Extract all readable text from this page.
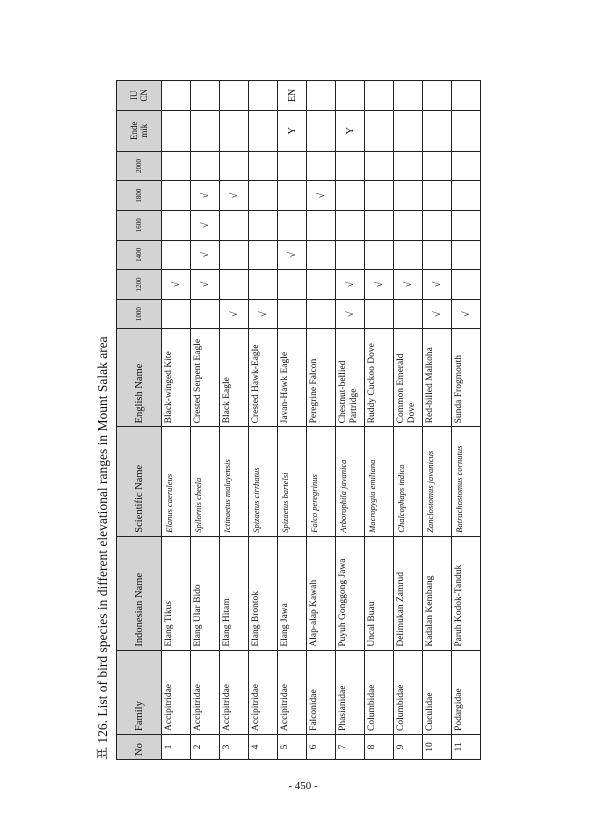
표 126. List of bird species in different elevational ranges in Mount Salak area	No	Family	Indonesian Name	Scientific Name	English Name	1000	1200	1400	1600	1800	2000	Ende mik	IU CN
1	Accipitridae	Elang Tikus	Elanus caeruleus	Black-winged Kite		√						
2	Accipitridae	Elang Ular Bido	Spilornis cheela	Crested Serpent Eagle		√	√	√	√			
3	Accipitridae	Elang Hitam	Ictinaetus malayensis	Black Eagle	√				√			
4	Accipitridae	Elang Brontok	Spizaetus cirrhatus	Crested Hawk-Eagle	√							
5	Accipitridae	Elang Jawa	Spizaetus bartelsi	Javan-Hawk Eagle			√				Y	EN
6	Falconidae	Alap-alap Kawah	Falco peregrinus	Peregrine Falcon					√			
7	Phasianidae	Puyuh Gonggong Jawa	Arborophila javanica	Chestnut-bellied Partridge	√	√					Y	
8	Columbidae	Uncal Buau	Macropygia emiliana	Ruddy Cuckoo Dove		√						
9	Columbidae	Delimukan Zamrud	Chalcophaps indica	Common Emerald Dove		√						
10	Cuculidae	Kadalan Kembang	Zanclostomus javanicus	Red-billed Malkoha	√	√						
11	Podargidae	Paruh Kodok-Tanduk	Batrachostomus cornutus	Sunda Frogmouth	√							
- 450 -
